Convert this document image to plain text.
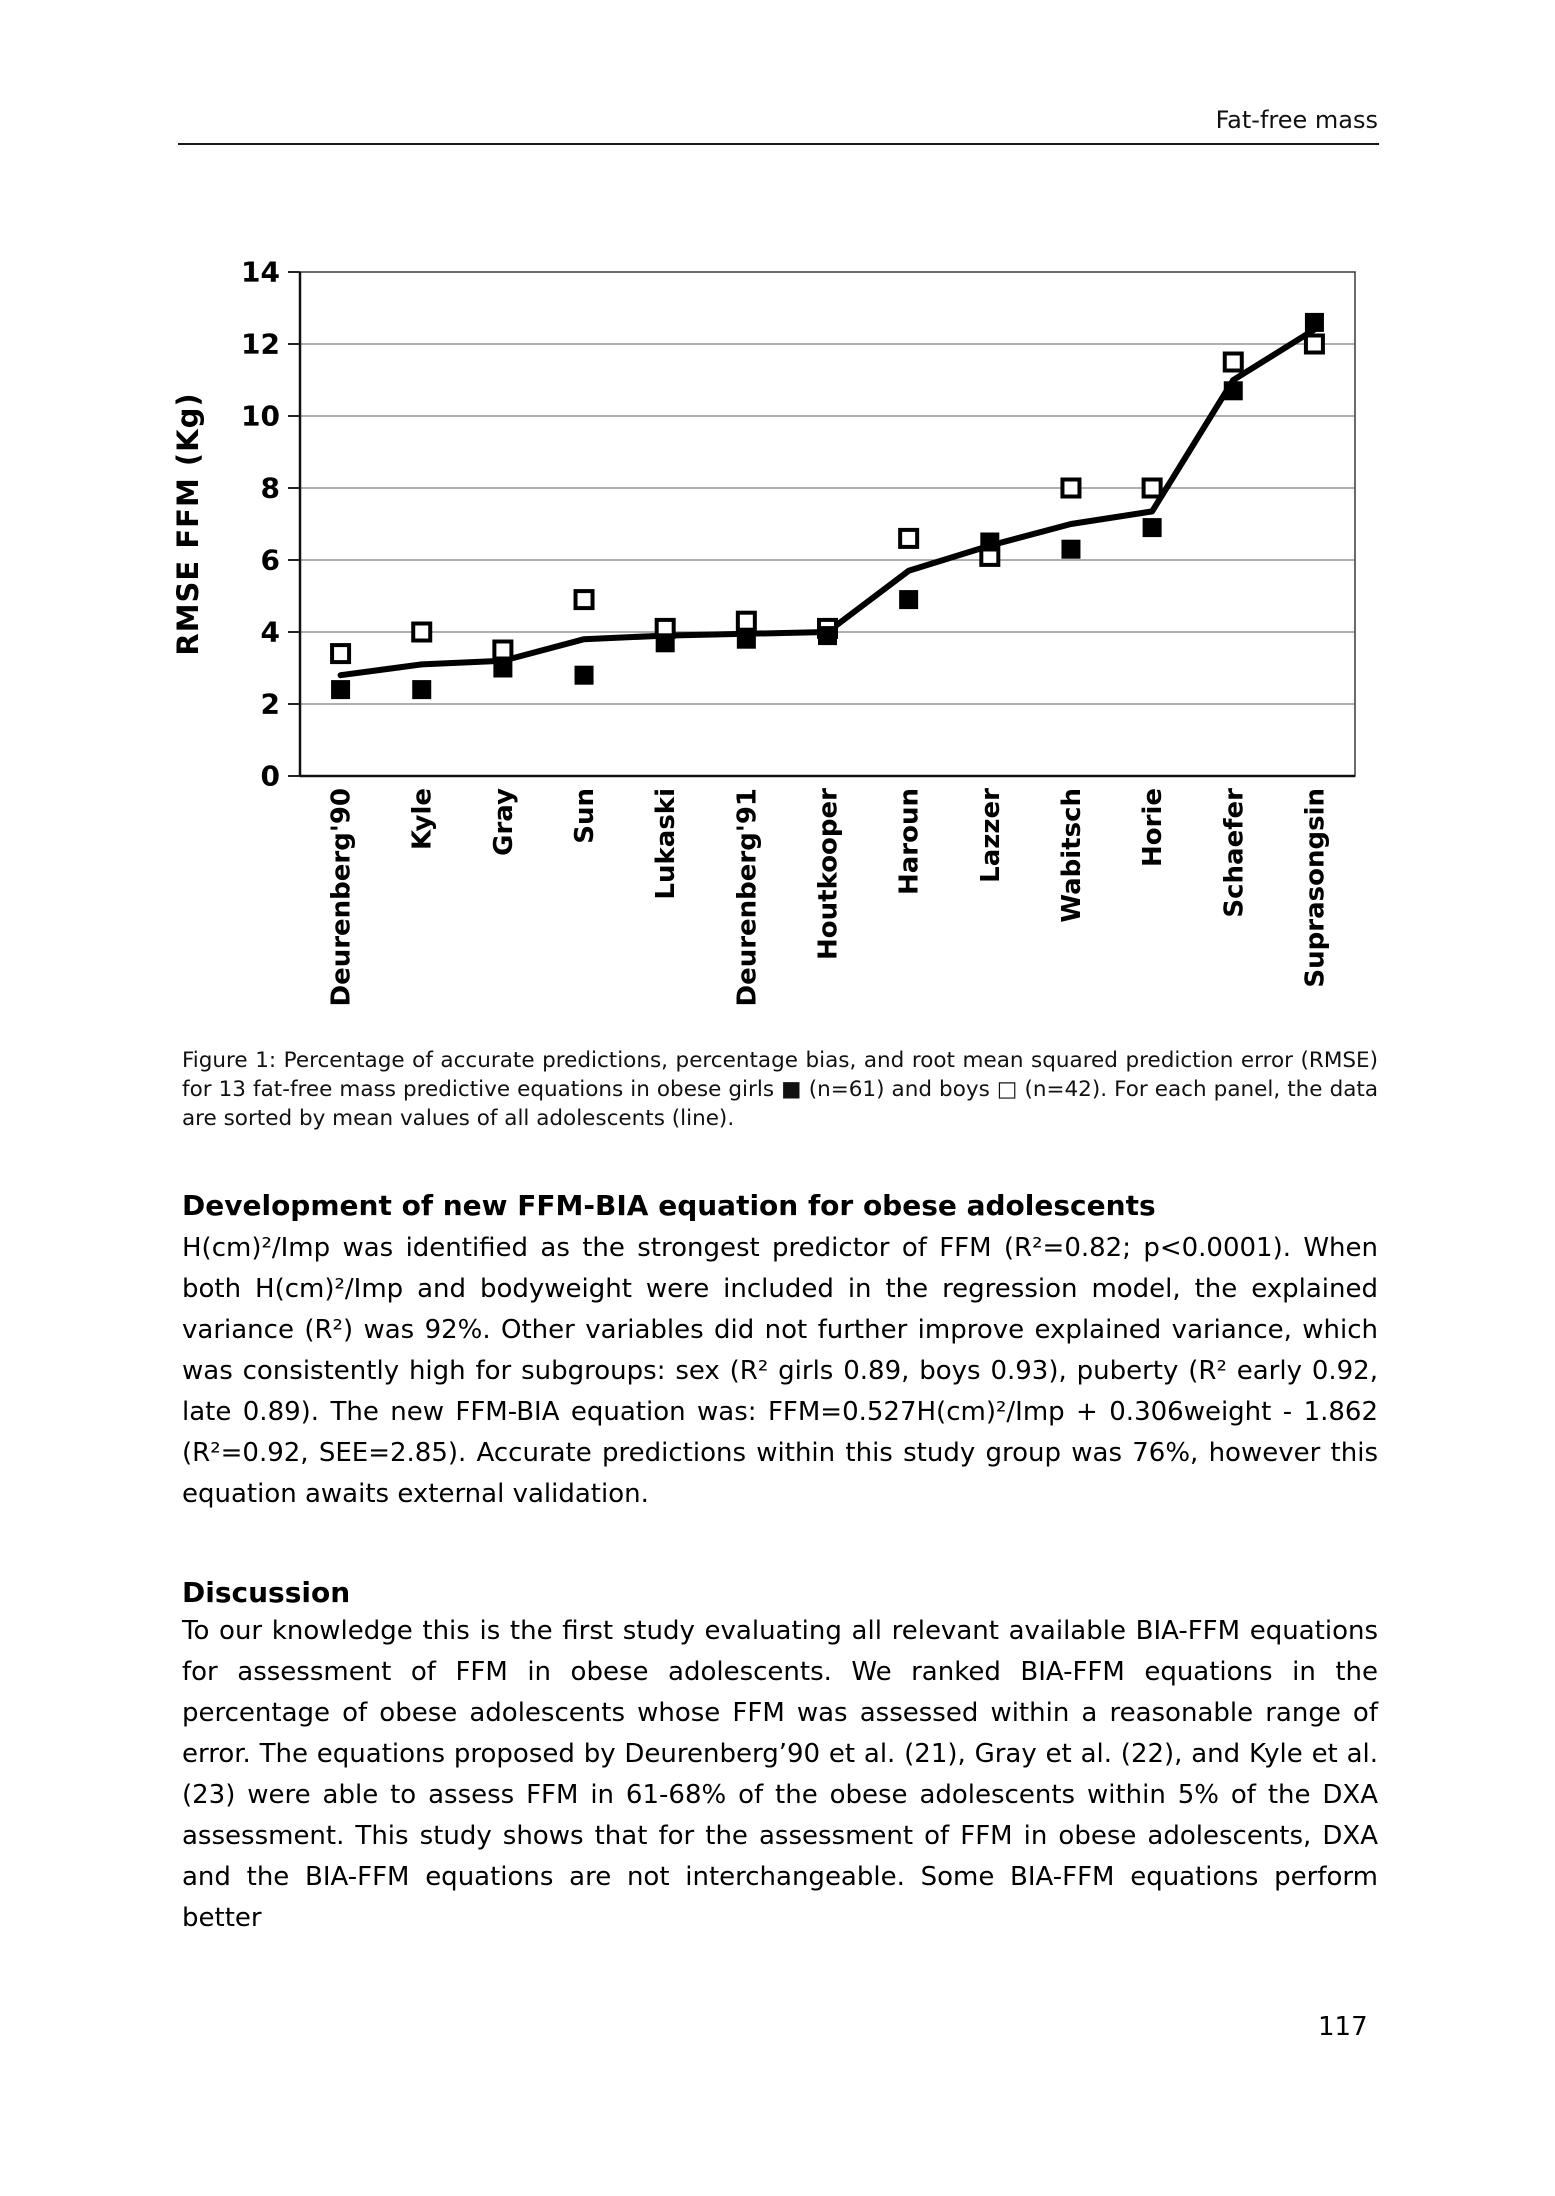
Fat-free mass
0
2
4
6
8
10
12
14
RMSE FFM (Kg)
Deurenberg'90 Kyle Gray Sun Lukaski Deurenberg'91 Houtkooper Haroun Lazzer Wabitsch Horie Schaefer Suprasongsin
Figure 1: Percentage of accurate predictions, percentage bias, and root mean squared prediction error (RMSE) for 13 fat-free mass predictive equations in obese girls ■ (n=61) and boys □ (n=42). For each panel, the data are sorted by mean values of all adolescents (line).
Development of new FFM-BIA equation for obese adolescents
H(cm)²/Imp was identified as the strongest predictor of FFM (R²=0.82; p<0.0001). When both H(cm)²/Imp and bodyweight were included in the regression model, the explained variance (R²) was 92%. Other variables did not further improve explained variance, which was consistently high for subgroups: sex (R² girls 0.89, boys 0.93), puberty (R² early 0.92, late 0.89). The new FFM-BIA equation was: FFM=0.527H(cm)²/Imp + 0.306weight - 1.862 (R²=0.92, SEE=2.85). Accurate predictions within this study group was 76%, however this equation awaits external validation.
Discussion
To our knowledge this is the first study evaluating all relevant available BIA-FFM equations for assessment of FFM in obese adolescents. We ranked BIA-FFM equations in the percentage of obese adolescents whose FFM was assessed within a reasonable range of error. The equations proposed by Deurenberg’90 et al. (21), Gray et al. (22), and Kyle et al. (23) were able to assess FFM in 61-68% of the obese adolescents within 5% of the DXA assessment. This study shows that for the assessment of FFM in obese adolescents, DXA and the BIA-FFM equations are not interchangeable. Some BIA-FFM equations perform better
117
